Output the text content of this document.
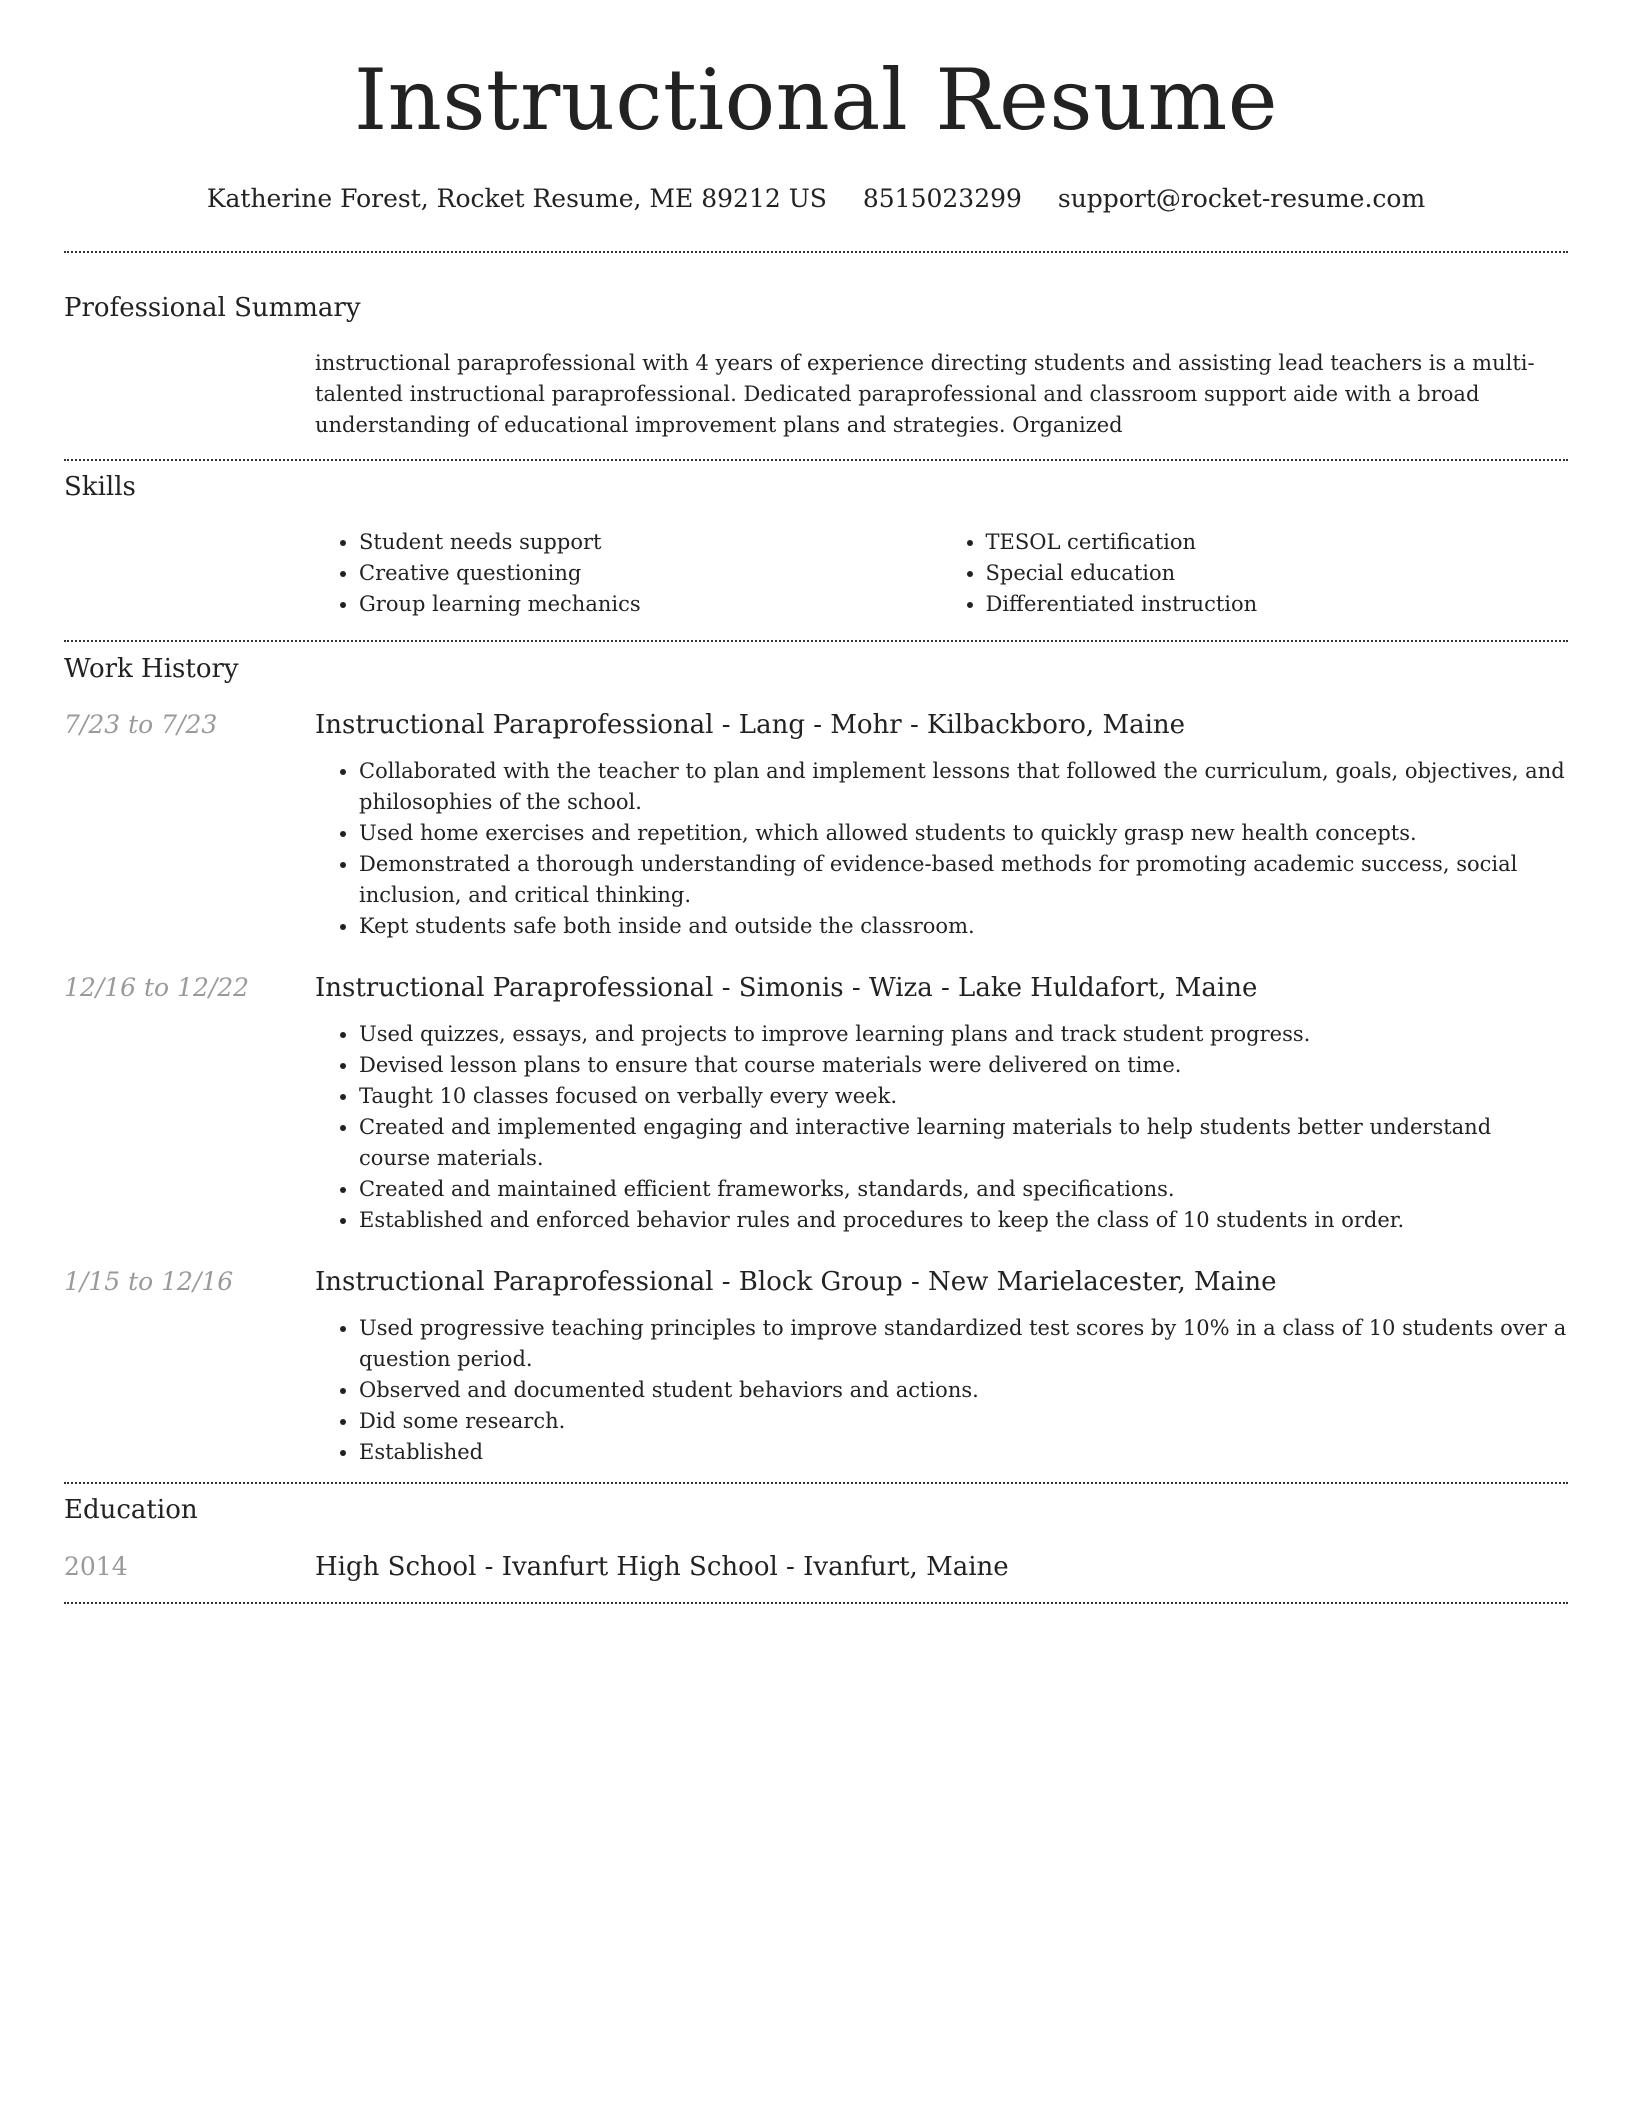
Instructional Resume
Katherine Forest, Rocket Resume, ME 89212 US 8515023299 support@rocket-resume.com
Professional Summary

instructional paraprofessional with 4 years of experience directing students and assisting lead teachers is a multi-talented instructional paraprofessional. Dedicated paraprofessional and classroom support aide with a broad understanding of educational improvement plans and strategies. Organized

Skills
• Student needs support
• Creative questioning
• Group learning mechanics
• TESOL certification
• Special education
• Differentiated instruction
Work History
7/23 to 7/23	Instructional Paraprofessional - Lang - Mohr - Kilbackboro, Maine
• Collaborated with the teacher to plan and implement lessons that followed the curriculum, goals, objectives, and philosophies of the school.
• Used home exercises and repetition, which allowed students to quickly grasp new health concepts.
• Demonstrated a thorough understanding of evidence-based methods for promoting academic success, social inclusion, and critical thinking.
• Kept students safe both inside and outside the classroom.
12/16 to 12/22	Instructional Paraprofessional - Simonis - Wiza - Lake Huldafort, Maine
• Used quizzes, essays, and projects to improve learning plans and track student progress.
• Devised lesson plans to ensure that course materials were delivered on time.
• Taught 10 classes focused on verbally every week.
• Created and implemented engaging and interactive learning materials to help students better understand course materials.
• Created and maintained efficient frameworks, standards, and specifications.
• Established and enforced behavior rules and procedures to keep the class of 10 students in order.
1/15 to 12/16	Instructional Paraprofessional - Block Group - New Marielacester, Maine
• Used progressive teaching principles to improve standardized test scores by 10% in a class of 10 students over a question period.
• Observed and documented student behaviors and actions.
• Did some research.
• Established
Education
2014	High School - Ivanfurt High School - Ivanfurt, Maine
